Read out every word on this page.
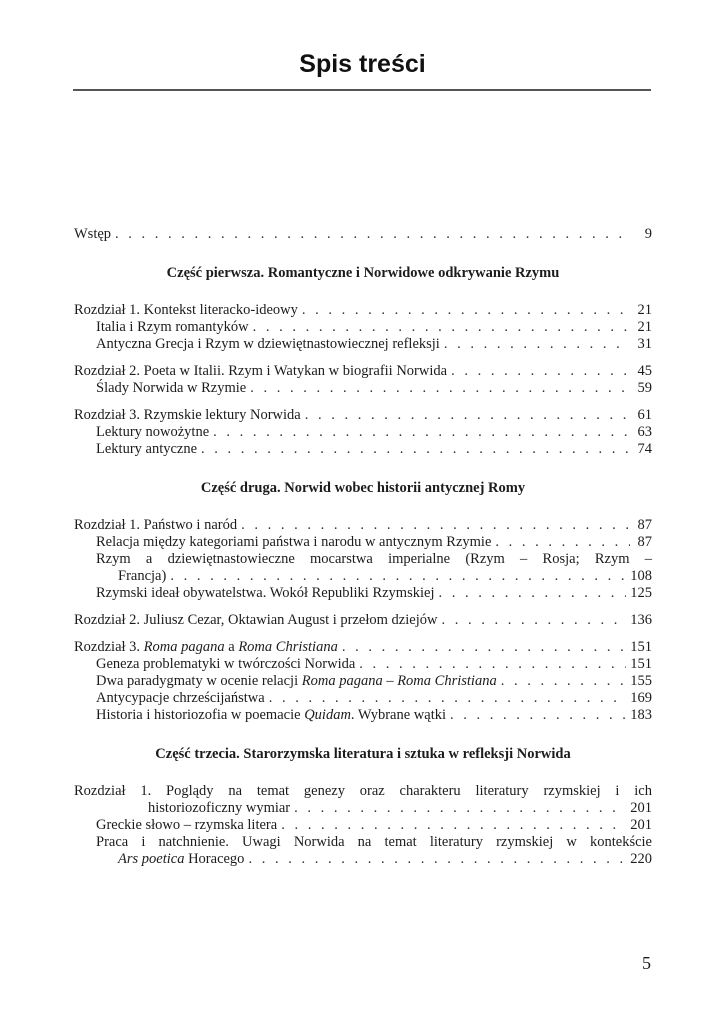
Spis treści
Wstęp . . .	9
Część pierwsza. Romantyczne i Norwidowe odkrywanie Rzymu
Rozdział 1. Kontekst literacko-ideowy . . .	21
Italia i Rzym romantyków . . .	21
Antyczna Grecja i Rzym w dziewiętnastowiecznej refleksji . . .	31
Rozdział 2. Poeta w Italii. Rzym i Watykan w biografii Norwida . . .	45
Ślady Norwida w Rzymie . . .	59
Rozdział 3. Rzymskie lektury Norwida . . .	61
Lektury nowożytne . . .	63
Lektury antyczne . . .	74
Część druga. Norwid wobec historii antycznej Romy
Rozdział 1. Państwo i naród . . .	87
Relacja między kategoriami państwa i narodu w antycznym Rzymie . . .	87
Rzym a dziewiętnastowieczne mocarstwa imperialne (Rzym – Rosja; Rzym –
Francja) . . .	108
Rzymski ideał obywatelstwa. Wokół Republiki Rzymskiej . . .	125
Rozdział 2. Juliusz Cezar, Oktawian August i przełom dziejów . . .	136
Rozdział 3. Roma pagana a Roma Christiana . . .	151
Geneza problematyki w twórczości Norwida . . .	151
Dwa paradygmaty w ocenie relacji Roma pagana – Roma Christiana . . .	155
Antycypacje chrześcijaństwa . . .	169
Historia i historiozofia w poemacie Quidam. Wybrane wątki . . .	183
Część trzecia. Starorzymska literatura i sztuka w refleksji Norwida
Rozdział 1. Poglądy na temat genezy oraz charakteru literatury rzymskiej i ich
historiozoficzny wymiar . . .	201
Greckie słowo – rzymska litera . . .	201
Praca i natchnienie. Uwagi Norwida na temat literatury rzymskiej w kontekście
Ars poetica Horacego . . .	220
5
